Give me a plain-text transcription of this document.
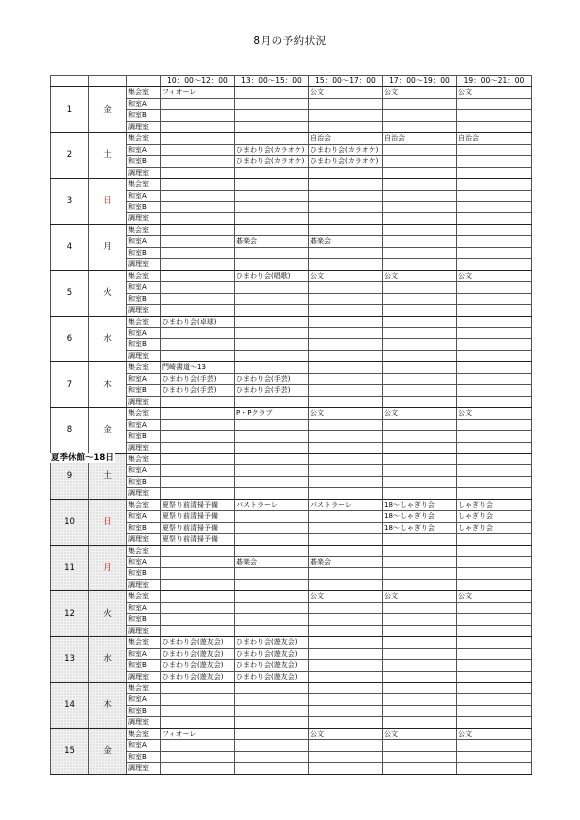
8月の予約状況
			10：00～12：00	13：00～15：00	15：00～17：00	17：00～19：00	19：00～21：00
1	金	集会室	フィオーレ		公文	公文	公文
		和室A					
		和室B					
		調理室					
2	土	集会室			自治会	自治会	自治会
		和室A		ひまわり会(カラオケ)	ひまわり会(カラオケ)		
		和室B		ひまわり会(カラオケ)	ひまわり会(カラオケ)		
		調理室					
3	日	集会室					
		和室A					
		和室B					
		調理室					
4	月	集会室					
		和室A		碁楽会	碁楽会		
		和室B					
		調理室					
5	火	集会室		ひまわり会(唱歌)	公文	公文	公文
		和室A					
		和室B					
		調理室					
6	水	集会室	ひまわり会(卓球)				
		和室A					
		和室B					
		調理室					
7	木	集会室	門崎書道～13				
		和室A	ひまわり会(手芸)	ひまわり会(手芸)			
		和室B	ひまわり会(手芸)	ひまわり会(手芸)			
		調理室					
8	金	集会室		P・Pクラブ	公文	公文	公文
		和室A					
		和室B					
		調理室					
9	土	集会室					
		和室A					
		和室B					
		調理室					
10	日	集会室	夏祭り前清掃予備	パストラーレ	パストラーレ	18～しゃぎり会	しゃぎり会
		和室A	夏祭り前清掃予備			18～しゃぎり会	しゃぎり会
		和室B	夏祭り前清掃予備			18～しゃぎり会	しゃぎり会
		調理室	夏祭り前清掃予備				
11	月	集会室					
		和室A		碁楽会	碁楽会		
		和室B					
		調理室					
12	火	集会室			公文	公文	公文
		和室A					
		和室B					
		調理室					
13	水	集会室	ひまわり会(遊友会)	ひまわり会(遊友会)			
		和室A	ひまわり会(遊友会)	ひまわり会(遊友会)			
		和室B	ひまわり会(遊友会)	ひまわり会(遊友会)			
		調理室	ひまわり会(遊友会)	ひまわり会(遊友会)			
14	木	集会室					
		和室A					
		和室B					
		調理室					
15	金	集会室	フィオーレ		公文	公文	公文
		和室A					
		和室B					
		調理室					
夏季休館～18日
